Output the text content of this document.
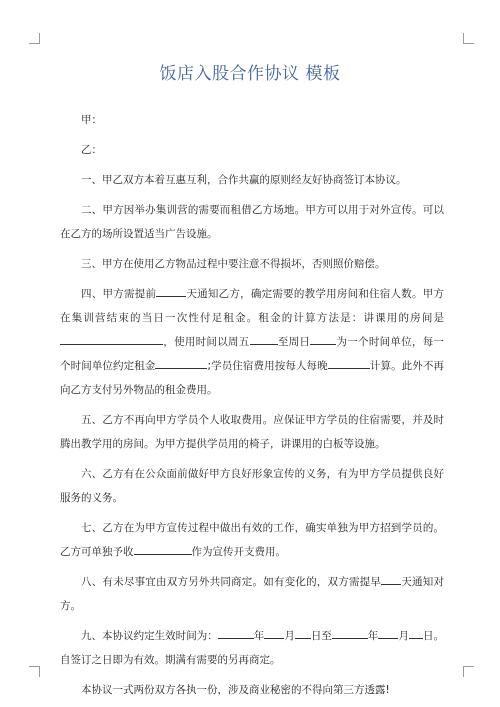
饭店入股合作协议 模板

甲：

乙：

一、甲乙双方本着互惠互利，合作共赢的原则经友好协商签订本协议。

二、甲方因举办集训营的需要而租借乙方场地。甲方可以用于对外宣传。可以在乙方的场所设置适当广告设施。

三、甲方在使用乙方物品过程中要注意不得损坏，否则照价赔偿。

四、甲方需提前	天通知乙方，确定需要的教学用房间和住宿人数。甲方在集训营结束的当日一次性付足租金。租金的计算方法是：讲课用的房间是，使用时间以周五	至周日 为一个时间单位，每一个时间单位约定租金	;学员住宿费用按每人每晚	计算。此外不再向乙方支付另外物品的租金费用。

五、乙方不再向甲方学员个人收取费用。应保证甲方学员的住宿需要，并及时腾出教学用的房间。为甲方提供学员用的椅子，讲课用的白板等设施。

六、乙方有在公众面前做好甲方良好形象宣传的义务，有为甲方学员提供良好服务的义务。

七、乙方在为甲方宣传过程中做出有效的工作，确实单独为甲方招到学员的。乙方可单独予收	作为宣传开支费用。

八、有未尽事宜由双方另外共同商定。如有变化的，双方需提早 天通知对方。

九、本协议约定生效时间为：	年 月 日至	年 月 日。自签订之日即为有效。期满有需要的另再商定。

本协议一式两份双方各执一份，涉及商业秘密的不得向第三方透露!
